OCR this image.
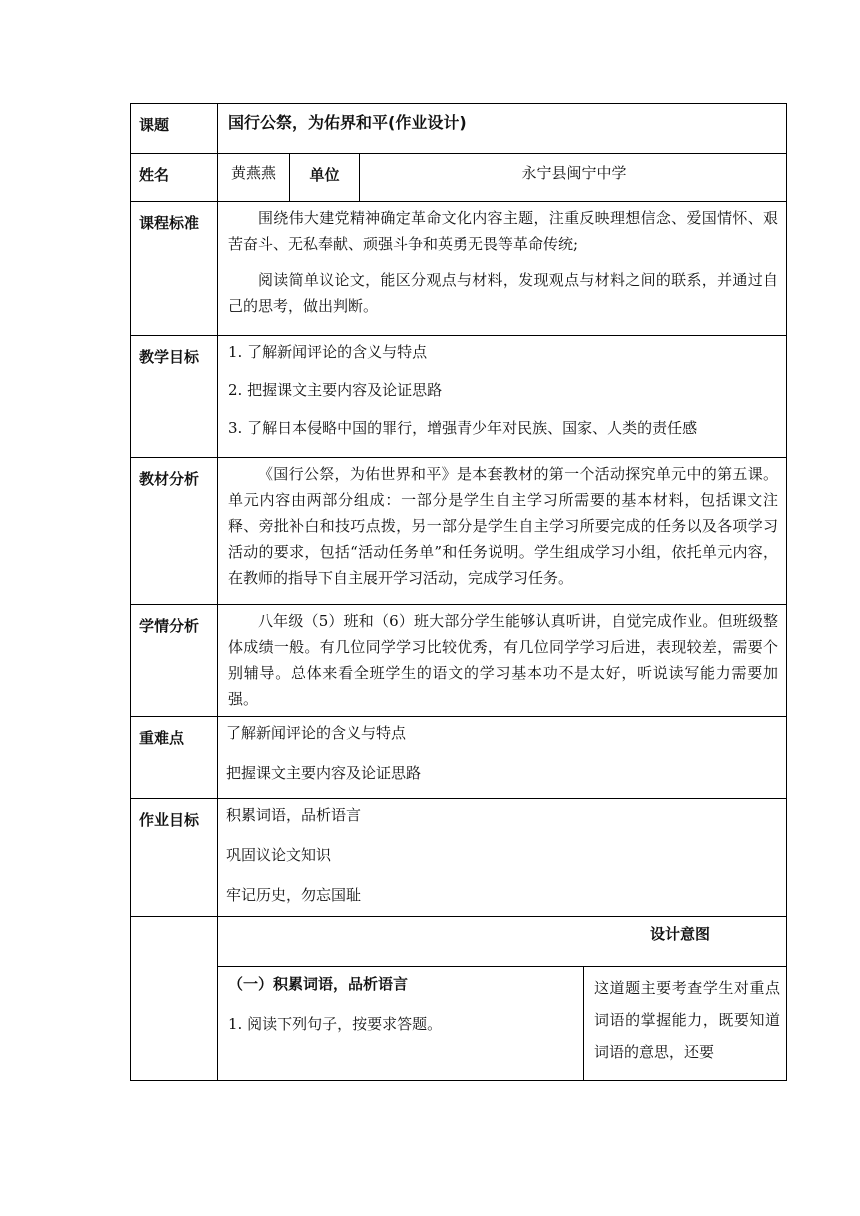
课题	国行公祭，为佑界和平(作业设计)			
姓名	黄燕燕	单位	永宁县闽宁中学	
课程标准	围绕伟大建党精神确定革命文化内容主题，注重反映理想信念、爱国情怀、艰苦奋斗、无私奉献、顽强斗争和英勇无畏等革命传统;

阅读简单议论文，能区分观点与材料，发现观点与材料之间的联系，并通过自己的思考，做出判断。			

教学目标	1. 了解新闻评论的含义与特点

2. 把握课文主要内容及论证思路

3. 了解日本侵略中国的罪行，增强青少年对民族、国家、人类的责任感			

教材分析	《国行公祭，为佑世界和平》是本套教材的第一个活动探究单元中的第五课。单元内容由两部分组成：一部分是学生自主学习所需要的基本材料，包括课文注释、旁批补白和技巧点拨，另一部分是学生自主学习所要完成的任务以及各项学习活动的要求，包括“活动任务单”和任务说明。学生组成学习小组，依托单元内容，在教师的指导下自主展开学习活动，完成学习任务。			

学情分析	八年级（5）班和（6）班大部分学生能够认真听讲，自觉完成作业。但班级整体成绩一般。有几位同学学习比较优秀，有几位同学学习后进，表现较差，需要个别辅导。总体来看全班学生的语文的学习基本功不是太好，听说读写能力需要加强。			

重难点	了解新闻评论的含义与特点

把握课文主要内容及论证思路			

作业目标	积累词语，品析语言

巩固议论文知识

牢记历史，勿忘国耻			

	设计意图			

	（一）积累词语，品析语言

1. 阅读下列句子，按要求答题。			这道题主要考查学生对重点词语的掌握能力，既要知道词语的意思，还要
